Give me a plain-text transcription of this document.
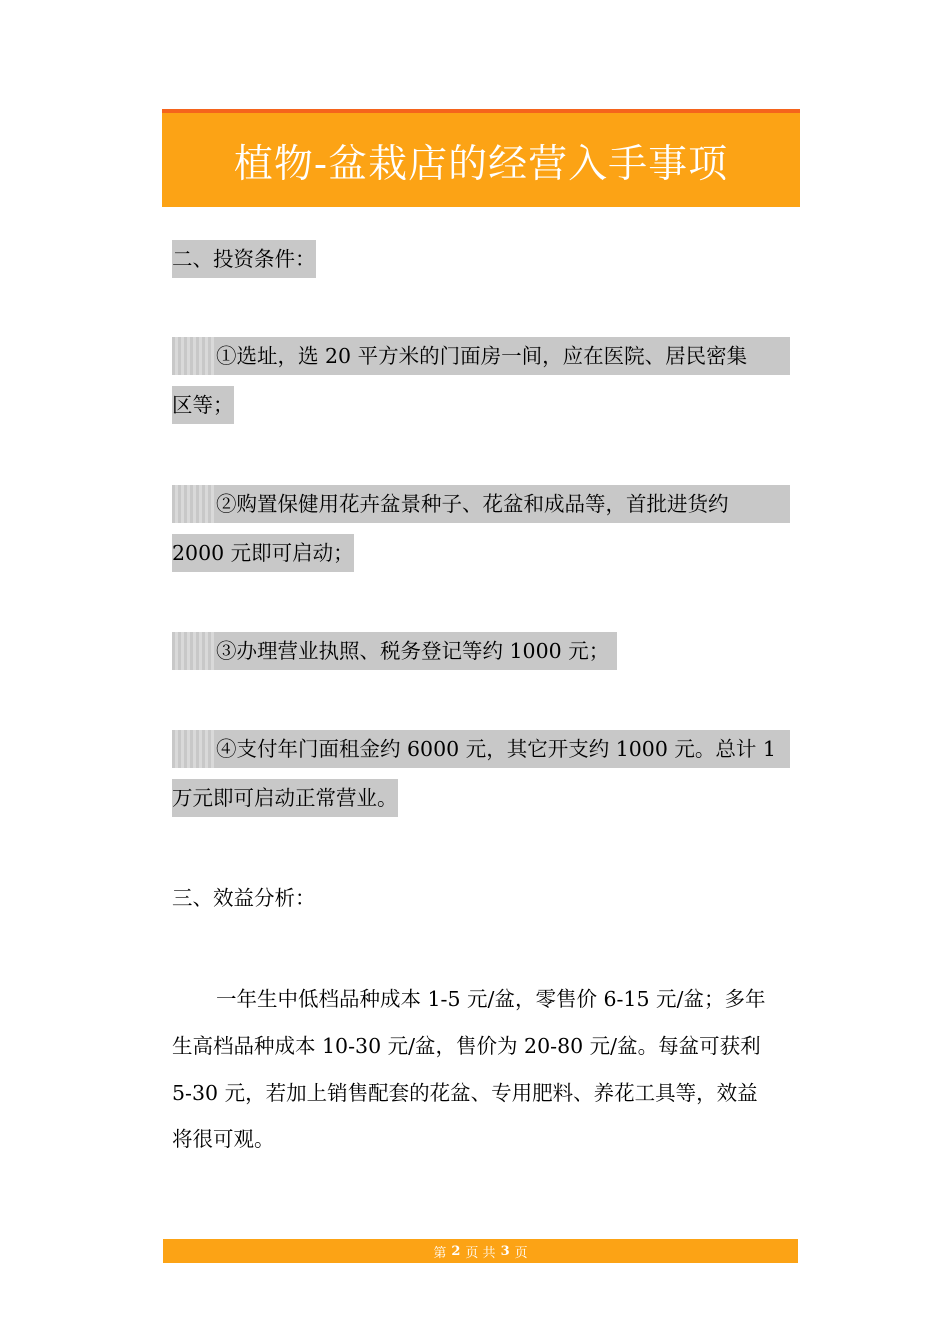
植物-盆栽店的经营入手事项
二、投资条件：
①选址，选 20 平方米的门面房一间，应在医院、居民密集
区等；
②购置保健用花卉盆景种子、花盆和成品等，首批进货约
2000 元即可启动；
③办理营业执照、税务登记等约 1000 元；
④支付年门面租金约 6000 元，其它开支约 1000 元。总计 1
万元即可启动正常营业。
三、效益分析：
一年生中低档品种成本 1-5 元/盆，零售价 6-15 元/盆；多年
生高档品种成本 10-30 元/盆，售价为 20-80 元/盆。每盆可获利
5-30 元，若加上销售配套的花盆、专用肥料、养花工具等，效益
将很可观。
第 2 页 共 3 页
